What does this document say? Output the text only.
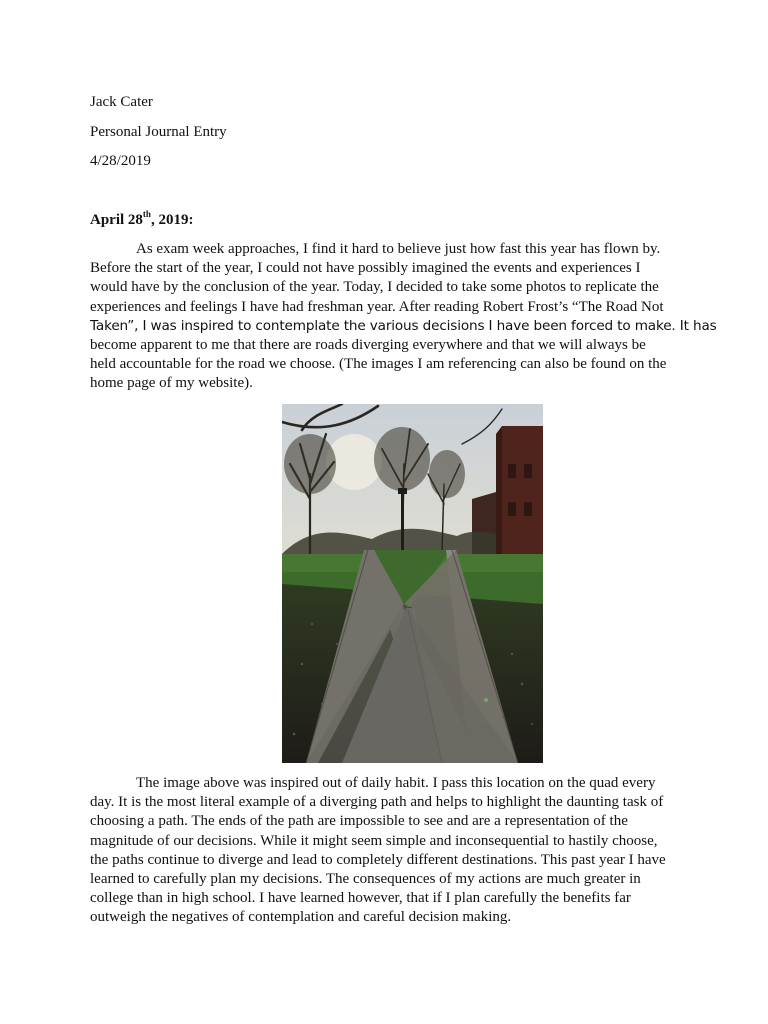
Jack Cater
Personal Journal Entry
4/28/2019
April 28th, 2019:
As exam week approaches, I find it hard to believe just how fast this year has flown by.
Before the start of the year, I could not have possibly imagined the events and experiences I
would have by the conclusion of the year. Today, I decided to take some photos to replicate the
experiences and feelings I have had freshman year. After reading Robert Frost’s “The Road Not
Taken”, I was inspired to contemplate the various decisions I have been forced to make. It has
become apparent to me that there are roads diverging everywhere and that we will always be
held accountable for the road we choose. (The images I am referencing can also be found on the
home page of my website).
The image above was inspired out of daily habit. I pass this location on the quad every
day. It is the most literal example of a diverging path and helps to highlight the daunting task of
choosing a path. The ends of the path are impossible to see and are a representation of the
magnitude of our decisions. While it might seem simple and inconsequential to hastily choose,
the paths continue to diverge and lead to completely different destinations. This past year I have
learned to carefully plan my decisions. The consequences of my actions are much greater in
college than in high school. I have learned however, that if I plan carefully the benefits far
outweigh the negatives of contemplation and careful decision making.
